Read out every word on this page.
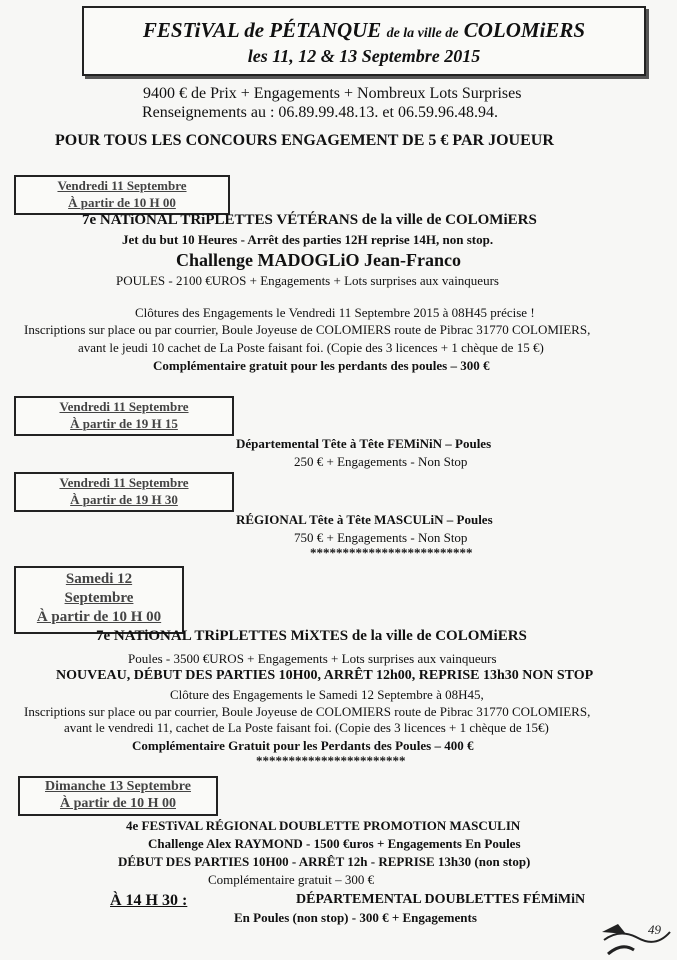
FESTiVAL de PÉTANQUE de la ville de COLOMiERS
les 11, 12 & 13 Septembre 2015
9400 € de Prix + Engagements + Nombreux Lots Surprises
Renseignements au : 06.89.99.48.13. et 06.59.96.48.94.
POUR TOUS LES CONCOURS ENGAGEMENT DE 5 € PAR JOUEUR
Vendredi 11 Septembre
À partir de 10 H 00
7e NATiONAL TRiPLETTES VÉTÉRANS de la ville de COLOMiERS
Jet du but 10 Heures - Arrêt des parties 12H reprise 14H, non stop.
Challenge MADOGLiO Jean-Franco
POULES - 2100 €UROS + Engagements + Lots surprises aux vainqueurs
Clôtures des Engagements le Vendredi 11 Septembre 2015 à 08H45 précise !
Inscriptions sur place ou par courrier, Boule Joyeuse de COLOMIERS route de Pibrac 31770 COLOMIERS,
avant le jeudi 10 cachet de La Poste faisant foi. (Copie des 3 licences + 1 chèque de 15 €)
Complémentaire gratuit pour les perdants des poules – 300 €
Vendredi 11 Septembre
À partir de 19 H 15
Départemental Tête à Tête FEMiNiN – Poules
250 € + Engagements - Non Stop
Vendredi 11 Septembre
À partir de 19 H 30
RÉGIONAL Tête à Tête MASCULiN – Poules
750 € + Engagements - Non Stop
*************************
Samedi 12
Septembre
À partir de 10 H 00
7e NATiONAL TRiPLETTES MiXTES de la ville de COLOMiERS
Poules - 3500 €UROS + Engagements + Lots surprises aux vainqueurs
NOUVEAU, DÉBUT DES PARTIES 10H00, ARRÊT 12h00, REPRISE 13h30 NON STOP
Clôture des Engagements le Samedi 12 Septembre à 08H45,
Inscriptions sur place ou par courrier, Boule Joyeuse de COLOMIERS route de Pibrac 31770 COLOMIERS,
avant le vendredi 11, cachet de La Poste faisant foi. (Copie des 3 licences + 1 chèque de 15€)
Complémentaire Gratuit pour les Perdants des Poules – 400 €
***********************
Dimanche 13 Septembre
À partir de 10 H 00
4e FESTiVAL RÉGIONAL DOUBLETTE PROMOTION MASCULIN
Challenge Alex RAYMOND - 1500 €uros + Engagements En Poules
DÉBUT DES PARTIES 10H00 - ARRÊT 12h - REPRISE 13h30 (non stop)
Complémentaire gratuit – 300 €
À 14 H 30 :	DÉPARTEMENTAL DOUBLETTES FÉMiMiN
En Poules (non stop) - 300 € + Engagements
49
